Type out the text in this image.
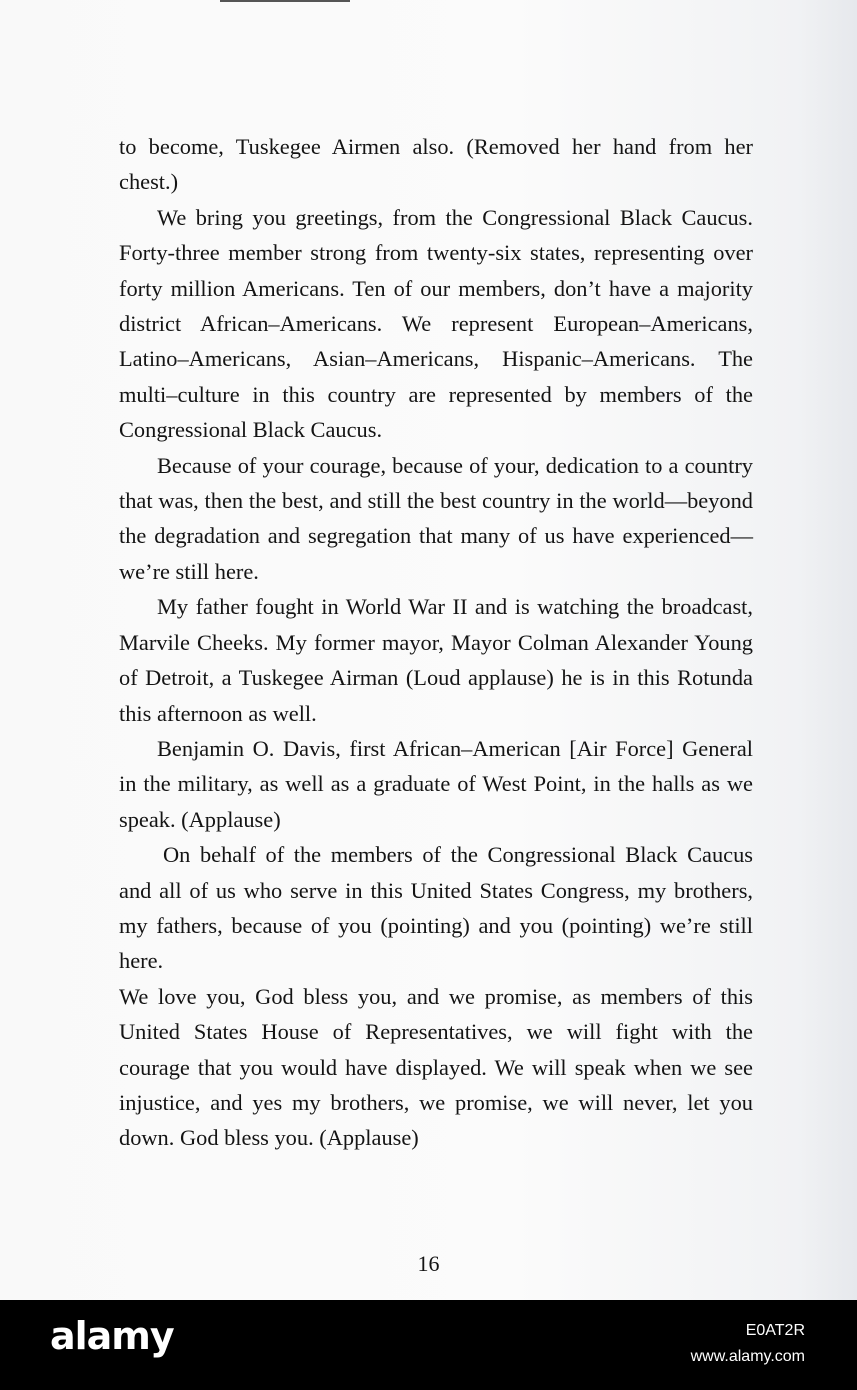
to become, Tuskegee Airmen also. (Removed her hand from her chest.)

We bring you greetings, from the Congressional Black Caucus. Forty-three member strong from twenty-six states, representing over forty million Americans. Ten of our members, don’t have a majority district African–Americans. We represent European–Americans, Latino–Americans, Asian–Americans, Hispanic–Americans. The multi–culture in this country are represented by members of the Congressional Black Caucus.

Because of your courage, because of your, dedication to a country that was, then the best, and still the best country in the world—beyond the degradation and segregation that many of us have experienced—we’re still here.

My father fought in World War II and is watching the broadcast, Marvile Cheeks. My former mayor, Mayor Colman Alexander Young of Detroit, a Tuskegee Airman (Loud applause) he is in this Rotunda this afternoon as well.

Benjamin O. Davis, first African–American [Air Force] General in the military, as well as a graduate of West Point, in the halls as we speak. (Applause)

On behalf of the members of the Congressional Black Caucus and all of us who serve in this United States Congress, my brothers, my fathers, because of you (pointing) and you (pointing) we’re still here.

We love you, God bless you, and we promise, as members of this United States House of Representatives, we will fight with the courage that you would have displayed. We will speak when we see injustice, and yes my brothers, we promise, we will never, let you down. God bless you. (Applause)

16
alamy	E0AT2R
www.alamy.com
